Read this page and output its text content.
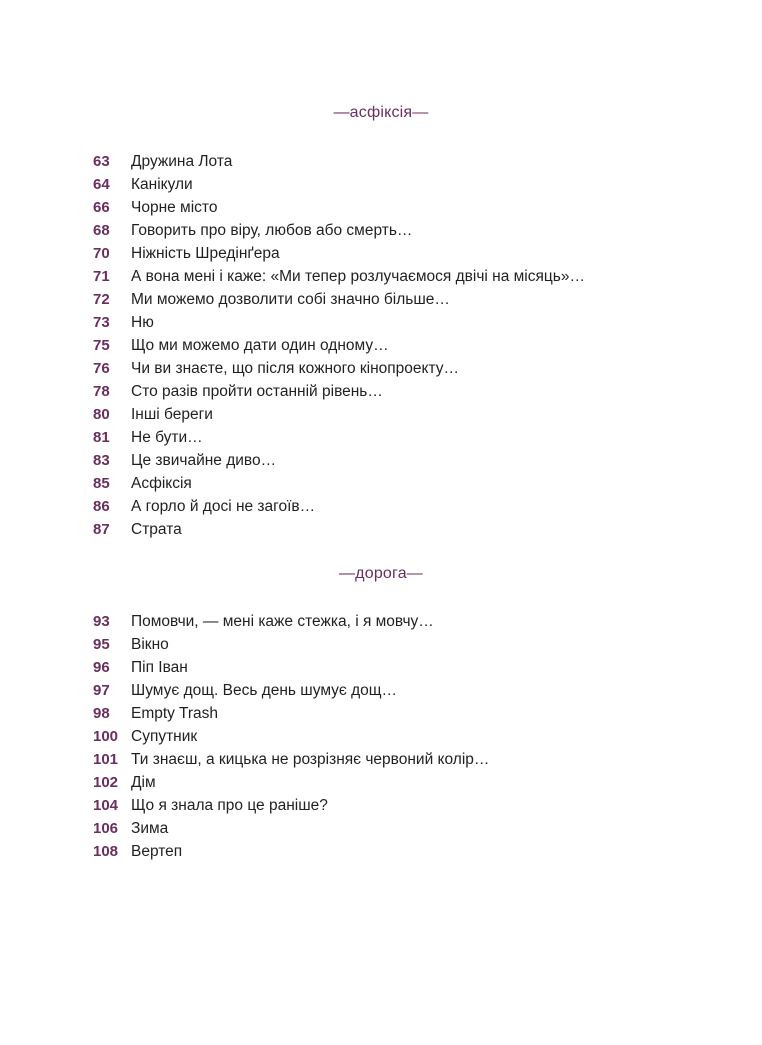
—асфіксія—
63	Дружина Лота
64	Канікули
66	Чорне місто
68	Говорить про віру, любов або смерть…
70	Ніжність Шредінґера
71	А вона мені і каже: «Ми тепер розлучаємося двічі на місяць»…
72	Ми можемо дозволити собі значно більше…
73	Ню
75	Що ми можемо дати один одному…
76	Чи ви знаєте, що після кожного кінопроекту…
78	Сто разів пройти останній рівень…
80	Інші береги
81	Не бути…
83	Це звичайне диво…
85	Асфіксія
86	А горло й досі не загоїв…
87	Страта
—дорога—
93	Помовчи, — мені каже стежка, і я мовчу…
95	Вікно
96	Піп Іван
97	Шумує дощ. Весь день шумує дощ…
98	Empty Trash
100 Супутник
101 Ти знаєш, а кицька не розрізняє червоний колір…
102 Дім
104 Що я знала про це раніше?
106 Зима
108 Вертеп
